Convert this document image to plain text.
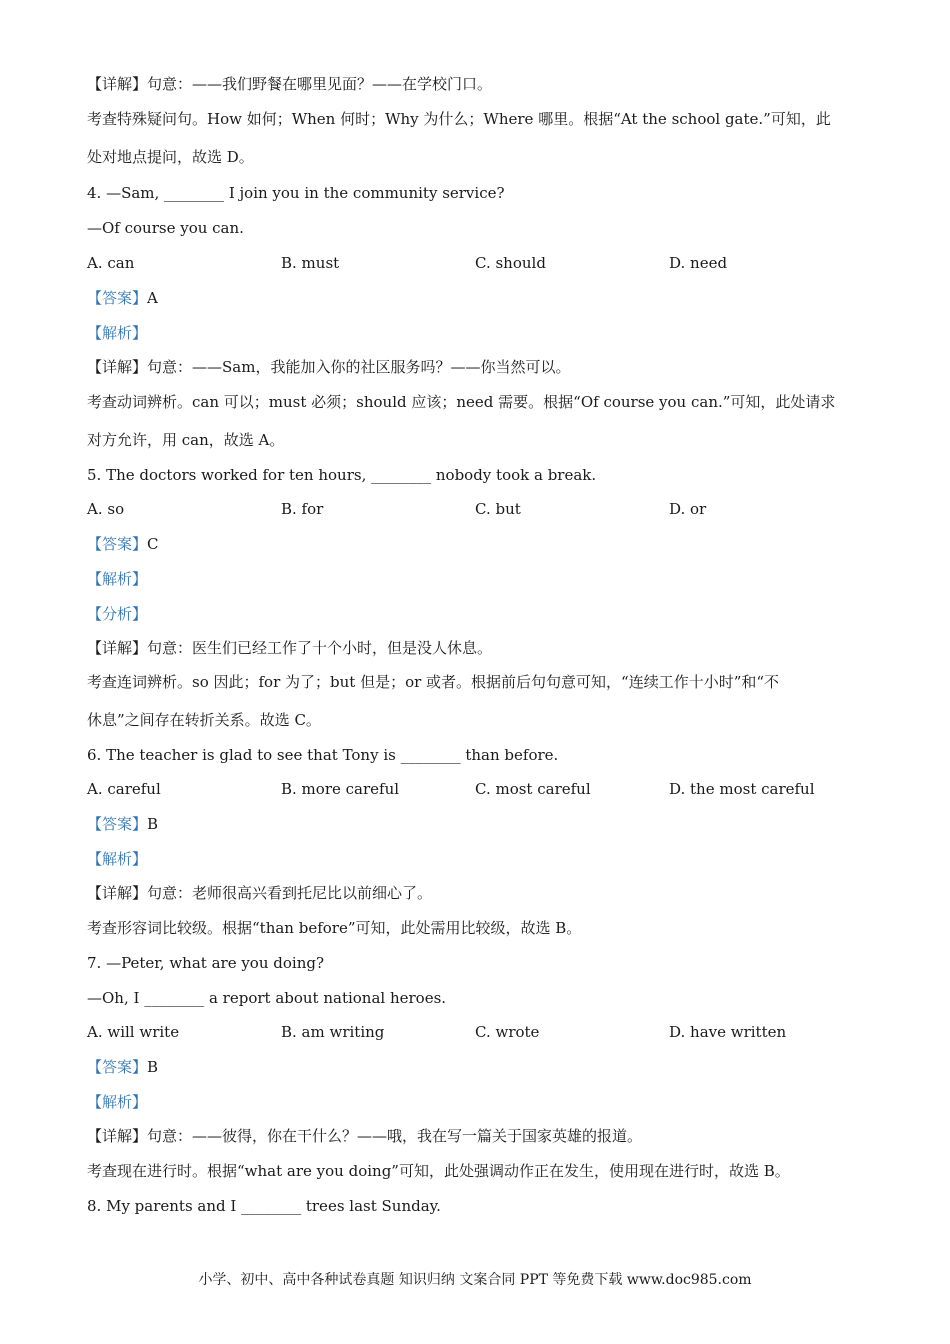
【详解】句意：——我们野餐在哪里见面？——在学校门口。

考查特殊疑问句。How 如何；When 何时；Why 为什么；Where 哪里。根据“At the school gate.”可知，此

处对地点提问，故选 D。

4. —Sam, ________ I join you in the community service?

—Of course you can.

A. can	B. must	C. should	D. need

【答案】A

【解析】

【详解】句意：——Sam，我能加入你的社区服务吗？——你当然可以。

考查动词辨析。can 可以；must 必须；should 应该；need 需要。根据“Of course you can.”可知，此处请求

对方允许，用 can，故选 A。

5. The doctors worked for ten hours, ________ nobody took a break.

A. so	B. for	C. but	D. or

【答案】C

【解析】

【分析】

【详解】句意：医生们已经工作了十个小时，但是没人休息。

考查连词辨析。so 因此；for 为了；but 但是；or 或者。根据前后句句意可知，“连续工作十小时”和“不

休息”之间存在转折关系。故选 C。

6. The teacher is glad to see that Tony is ________ than before.

A. careful	B. more careful	C. most careful	D. the most careful

【答案】B

【解析】

【详解】句意：老师很高兴看到托尼比以前细心了。

考查形容词比较级。根据“than before”可知，此处需用比较级，故选 B。

7. —Peter, what are you doing?

—Oh, I ________ a report about national heroes.

A. will write	B. am writing	C. wrote	D. have written

【答案】B

【解析】

【详解】句意：——彼得，你在干什么？——哦，我在写一篇关于国家英雄的报道。

考查现在进行时。根据“what are you doing”可知，此处强调动作正在发生，使用现在进行时，故选 B。

8. My parents and I ________ trees last Sunday.

小学、初中、高中各种试卷真题 知识归纳 文案合同 PPT 等免费下载 www.doc985.com
